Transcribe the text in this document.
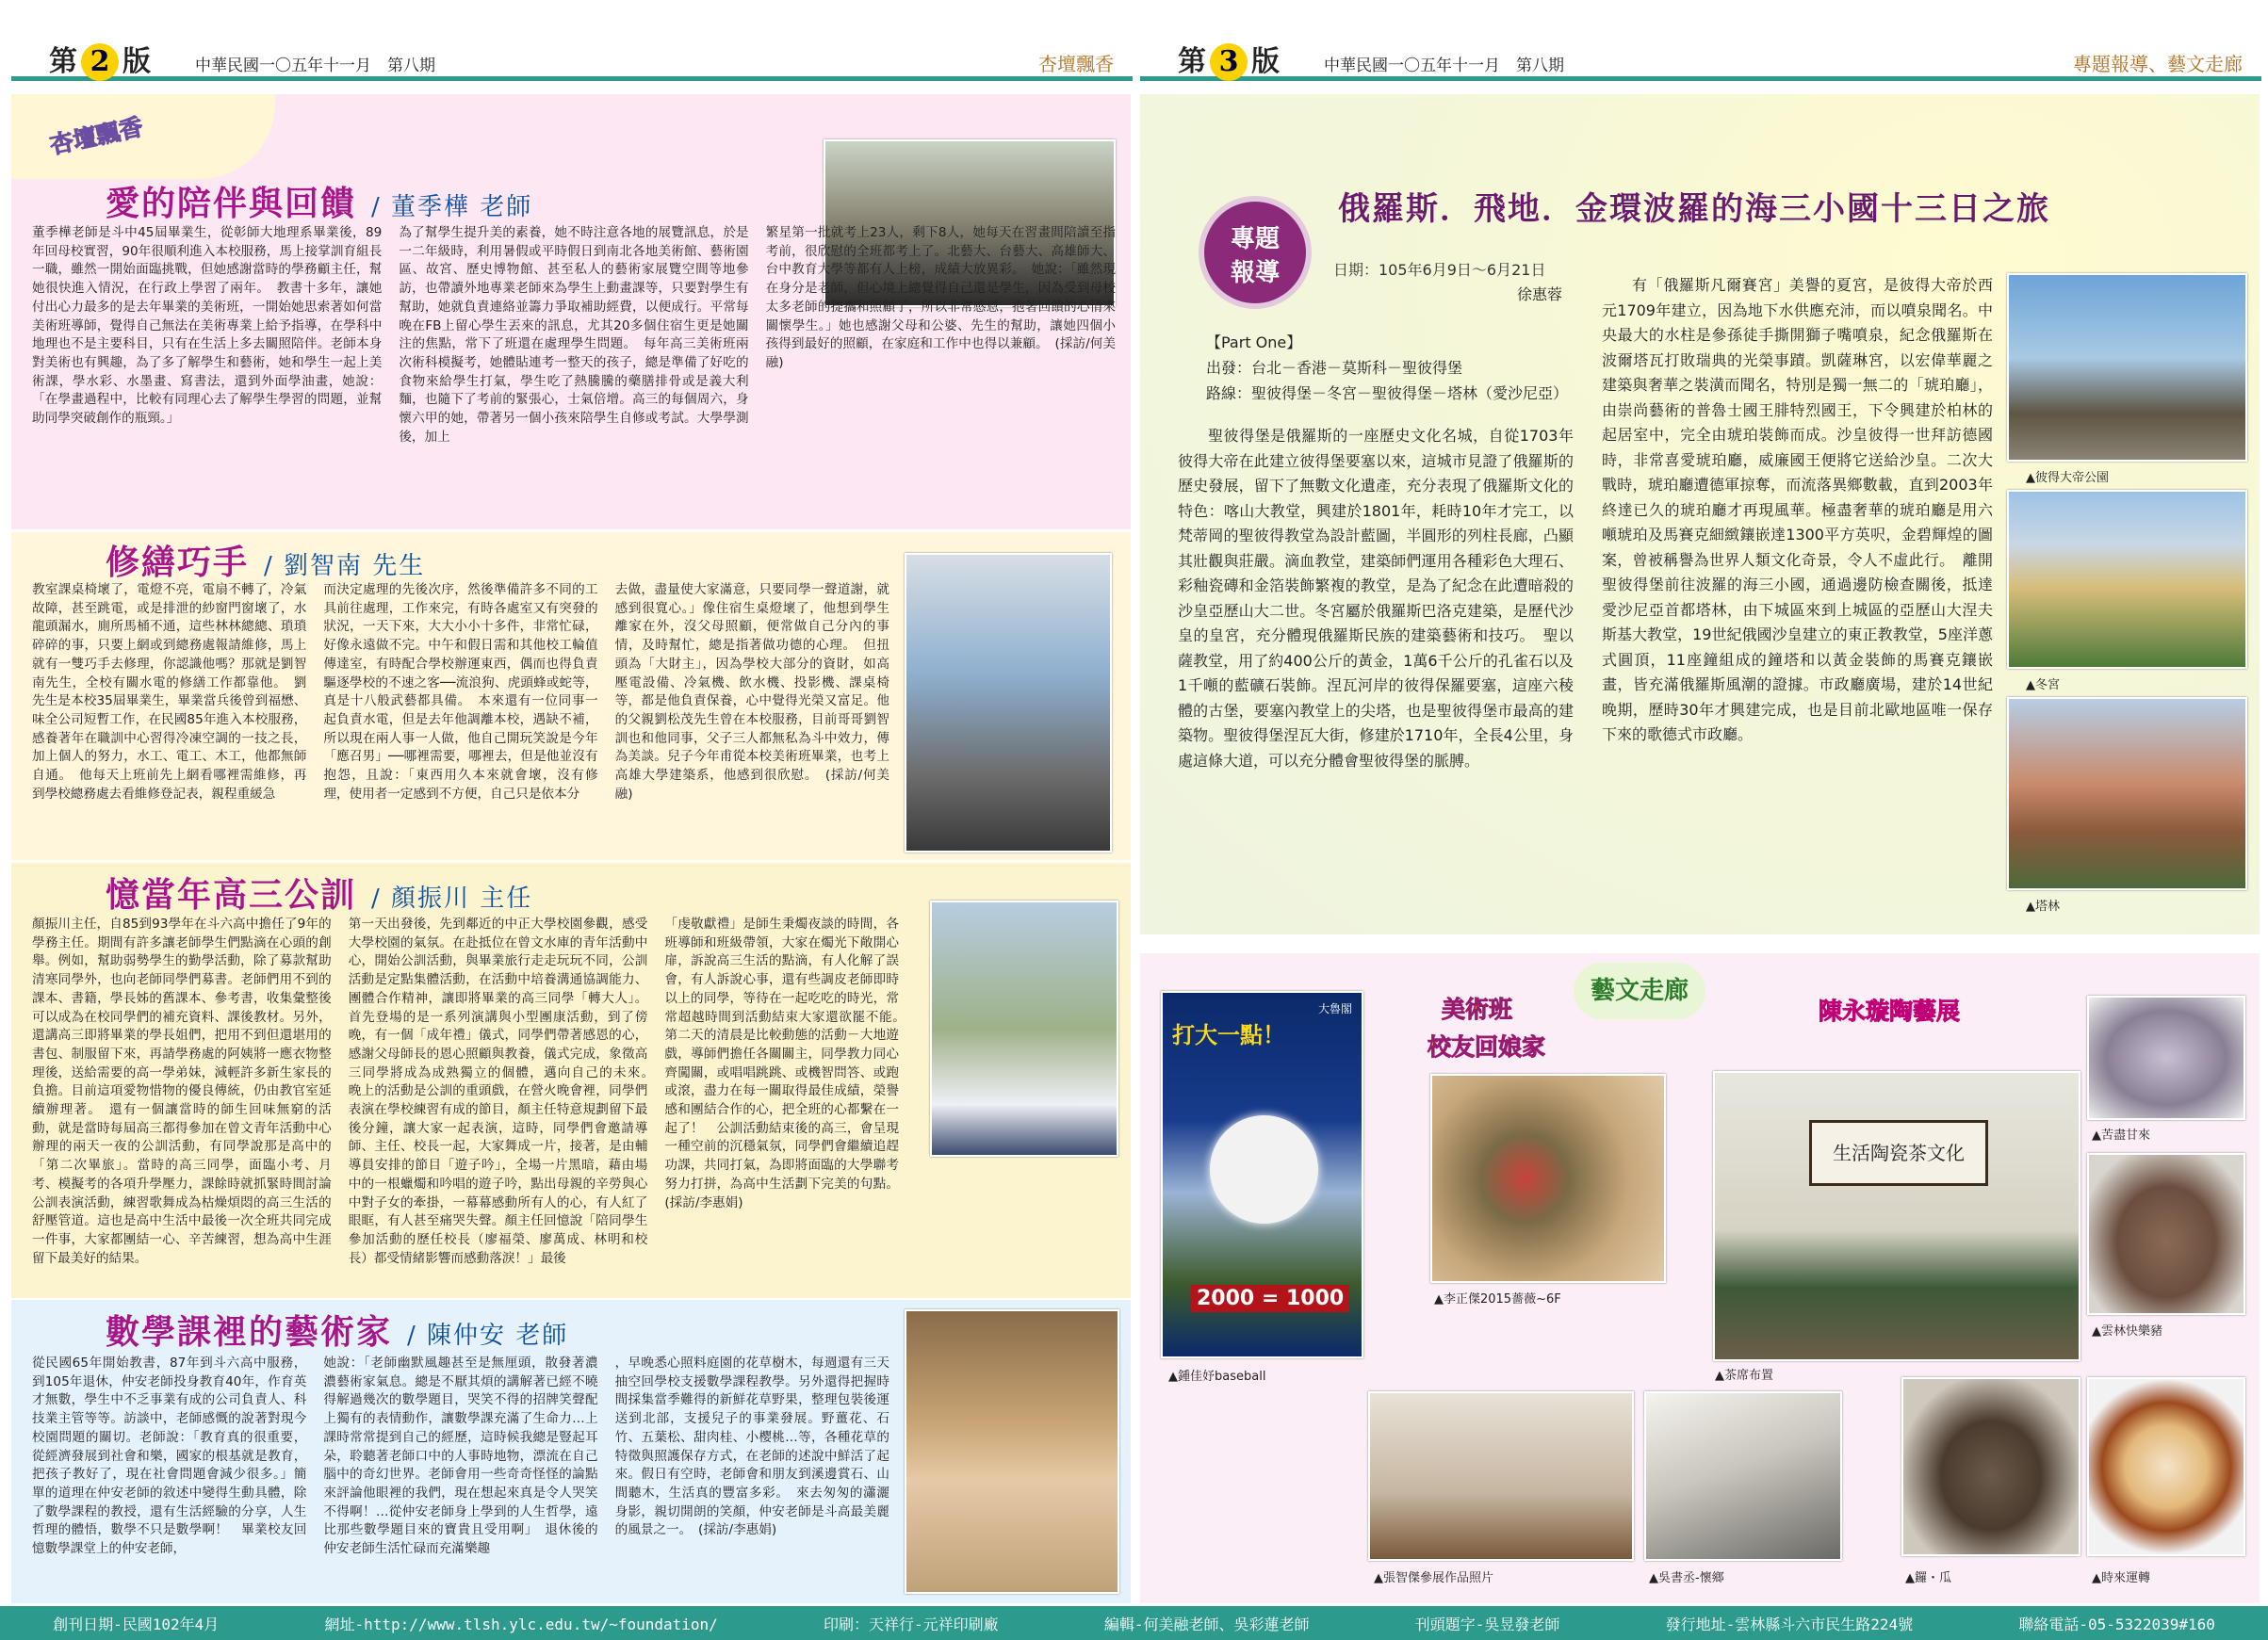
第 2 版	中華民國一〇五年十一月　第八期	杏壇飄香
杏壇飄香
愛的陪伴與回饋 / 董季樺 老師

董季樺老師是斗中45屆畢業生，從彰師大地理系畢業後，89年回母校實習，90年很順利進入本校服務，馬上接掌訓育組長一職，雖然一開始面臨挑戰，但她感謝當時的學務顧主任，幫她很快進入情況，在行政上學習了兩年。　教書十多年，讓她付出心力最多的是去年畢業的美術班，一開始她思索著如何當美術班導師，覺得自己無法在美術專業上給予指導，在學科中地理也不是主要科目，只有在生活上多去關照陪伴。老師本身對美術也有興趣，為了多了解學生和藝術，她和學生一起上美術課，學水彩、水墨畫、寫書法，還到外面學油畫，她說：「在學畫過程中，比較有同理心去了解學生學習的問題，並幫助同學突破創作的瓶頸。」

為了幫學生提升美的素養，她不時注意各地的展覽訊息，於是一二年級時，利用暑假或平時假日到南北各地美術館、藝術園區、故宮、歷史博物館、甚至私人的藝術家展覽空間等地參訪，也帶讀外地專業老師來為學生上動畫課等，只要對學生有幫助，她就負責連絡並籌力爭取補助經費，以便成行。平常每晚在FB上留心學生丟來的訊息，尤其20多個住宿生更是她關注的焦點，常下了班還在處理學生問題。　每年高三美術班兩次術科模擬考，她體貼連考一整天的孩子，總是準備了好吃的食物來給學生打氣，學生吃了熱騰騰的藥膳排骨或是義大利麵，也隨下了考前的緊張心，士氣倍增。高三的每個周六，身懷六甲的她，帶著另一個小孩來陪學生自修或考試。大學學測後，加上

繁星第一批就考上23人，剩下8人，她每天在習畫間陪讀至指考前，很欣慰的全班都考上了。北藝大、台藝大、高雄師大、台中教育大學等都有人上榜，成績大放異彩。　她說：「雖然現在身分是老師，但心境上總覺得自己還是學生，因為受到母校太多老師的提攜和照顧了，所以非常感恩，抱著回饋的心情來關懷學生。」她也感謝父母和公婆、先生的幫助，讓她四個小孩得到最好的照顧，在家庭和工作中也得以兼顧。　(採訪/何美融)

修繕巧手 / 劉智南 先生

教室課桌椅壞了，電燈不亮，電扇不轉了，冷氣故障，甚至跳電，或是排泄的紗窗門窗壞了，水龍頭漏水，廁所馬桶不通，這些林林總總、瑣瑣碎碎的事，只要上網或到總務處報請維修，馬上就有一雙巧手去修理，你認識他嗎？那就是劉智南先生，全校有關水電的修繕工作都靠他。　劉先生是本校35屆畢業生，畢業當兵後曾到福懋、味全公司短暫工作，在民國85年進入本校服務，感養著年在職訓中心習得冷凍空調的一技之長，加上個人的努力，水工、電工、木工，他都無師自通。　他每天上班前先上網看哪裡需維修，再到學校總務處去看維修登記表，親程重緩急

而決定處理的先後次序，然後準備許多不同的工具前往處理，工作來完，有時各處室又有突發的狀況，一天下來，大大小小十多件，非常忙碌，好像永遠做不完。中午和假日需和其他校工輪值傳達室，有時配合學校辦運東西，偶而也得負責驅逐學校的不速之客──流浪狗、虎頭蜂或蛇等，真是十八般武藝都具備。　本來還有一位同事一起負責水電，但是去年他調離本校，遇缺不補，所以現在兩人事一人做，他自己開玩笑說是今年「應召男」──哪裡需要，哪裡去，但是他並沒有抱怨，且說：「東西用久本來就會壞，沒有修理，使用者一定感到不方便，自己只是依本分

去做，盡量使大家滿意，只要同學一聲道謝，就感到很寬心。」像住宿生桌燈壞了，他想到學生離家在外，沒父母照顧，便常做自己分內的事情，及時幫忙，總是指著做功德的心理。　但扭頭為「大財主」，因為學校大部分的資財，如高壓電設備、冷氣機、飲水機、投影機、課桌椅等，都是他負責保養，心中覺得光榮又富足。他的父親劉松茂先生曾在本校服務，目前哥哥劉智訓也和他同事，父子三人都無私為斗中效力，傳為美談。兒子今年甫從本校美術班畢業，也考上高雄大學建築系，他感到很欣慰。　(採訪/何美融)

憶當年高三公訓 / 顏振川 主任

顏振川主任，自85到93學年在斗六高中擔任了9年的學務主任。期間有許多讓老師學生們點滴在心頭的創舉。例如，幫助弱勢學生的勤學活動，除了募款幫助清寒同學外，也向老師同學們募書。老師們用不到的課本、書籍，學長姊的舊課本、參考書，收集彙整後可以成為在校同學們的補充資料、課後教材。另外，還講高三即將畢業的學長姐們，把用不到但還堪用的書包、制服留下來，再請學務處的阿姨將一應衣物整理後，送給需要的高一學弟妹，減輕許多新生家長的負擔。目前這項愛物惜物的優良傳統，仍由教官室延續辦理著。　還有一個讓當時的師生回味無窮的活動，就是當時每屆高三都得參加在曾文青年活動中心辦理的兩天一夜的公訓活動，有同學說那是高中的「第二次畢旅」。當時的高三同學，面臨小考、月考、模擬考的各項升學壓力，課餘時就抓緊時間討論公訓表演活動，練習歌舞成為枯燥煩悶的高三生活的舒壓管道。這也是高中生活中最後一次全班共同完成一件事，大家都團結一心、辛苦練習，想為高中生涯留下最美好的結果。

第一天出發後，先到鄰近的中正大學校園參觀，感受大學校園的氣氛。在赴抵位在曾文水庫的青年活動中心，開始公訓活動，與畢業旅行走走玩玩不同，公訓活動是定點集體活動，在活動中培養溝通協調能力、團體合作精神，讓即將畢業的高三同學「轉大人」。首先登場的是一系列演講與小型團康活動，到了傍晚，有一個「成年禮」儀式，同學們帶著感恩的心，感謝父母師長的恩心照顧與教養，儀式完成，象徵高三同學將成為成熟獨立的個體，邁向自己的未來。　晚上的活動是公訓的重頭戲，在營火晚會裡，同學們表演在學校練習有成的節目，顏主任特意規劃留下最後分鐘，讓大家一起表演，這時，同學們會邀請導師、主任、校長一起，大家舞成一片，接著，是由輔導員安排的節目「遊子吟」，全場一片黑暗，藉由場中的一根蠟燭和吟唱的遊子吟，點出母親的辛勞與心中對子女的牽掛，一幕幕感動所有人的心，有人紅了眼眶，有人甚至痛哭失聲。顏主任回憶說「陪同學生參加活動的歷任校長（廖福榮、廖萬成、林明和校長）都受情緒影響而感動落淚！」最後

「虔敬獻禮」是師生秉燭夜談的時間，各班導師和班級帶領，大家在燭光下敞開心扉，訴說高三生活的點滴，有人化解了誤會，有人訴說心事，還有些調皮老師即時以上的同學，等待在一起吃吃的時光，常常超越時間到活動結束大家還欲罷不能。　第二天的清晨是比較動態的活動－大地遊戲，導師們擔任各關關主，同學教力同心齊闖關，或唱唱跳跳、或機智問答、或跑或滾，盡力在每一關取得最佳成績，榮譽感和團結合作的心，把全班的心都繫在一起了！　公訓活動結束後的高三，會呈現一種空前的沉穩氣氛，同學們會繼續追趕功課，共同打氣，為即將面臨的大學聯考努力打拼，為高中生活劃下完美的句點。(採訪/李惠娟)

數學課裡的藝術家 / 陳仲安 老師

從民國65年開始教書，87年到斗六高中服務，到105年退休，仲安老師投身教育40年，作育英才無數，學生中不乏事業有成的公司負責人、科技業主管等等。訪談中，老師感慨的說著對現今校園問題的關切。老師說：「教育真的很重要，從經濟發展到社會和樂，國家的根基就是教育，把孩子教好了，現在社會問題會減少很多。」簡單的道理在仲安老師的敘述中變得生動具體，除了數學課程的教授，還有生活經驗的分享，人生哲理的體悟，數學不只是數學啊！　畢業校友回憶數學課堂上的仲安老師，

她說：「老師幽默風趣甚至是無厘頭，散發著濃濃藝術家氣息。總是不厭其煩的講解著已經不曉得解過幾次的數學題目，哭笑不得的招牌笑聲配上獨有的表情動作，讓數學課充滿了生命力…上課時常常提到自己的經歷，這時候我總是豎起耳朵，聆聽著老師口中的人事時地物，漂流在自己腦中的奇幻世界。老師會用一些奇奇怪怪的論點來評論他眼裡的我們，現在想起來真是令人哭笑不得啊！…從仲安老師身上學到的人生哲學，遠比那些數學題目來的寶貴且受用啊」　退休後的仲安老師生活忙碌而充滿樂趣

，早晚悉心照料庭園的花草樹木，每週還有三天抽空回學校支援數學課程教學。另外還得把握時間採集當季難得的新鮮花草野果，整理包裝後運送到北部，支援兒子的事業發展。野薑花、石竹、五葉松、甜肉桂、小樱桃…等，各種花草的特徵與照護保存方式，在老師的述說中鮮活了起來。假日有空時，老師會和朋友到溪邊賞石、山間聽木，生活真的豐富多彩。　來去匆匆的瀟灑身影，親切開朗的笑顏，仲安老師是斗高最美麗的風景之一。　(採訪/李惠娟)

第 3 版	中華民國一〇五年十一月　第八期	專題報導、藝文走廊
專題報導
俄羅斯．飛地．金環波羅的海三小國十三日之旅
日期：105年6月9日～6月21日
徐惠蓉
【Part One】
出發：台北－香港－莫斯科－聖彼得堡
路線：聖彼得堡－冬宮－聖彼得堡－塔林（愛沙尼亞）

聖彼得堡是俄羅斯的一座歷史文化名城，自從1703年彼得大帝在此建立彼得堡要塞以來，這城市見證了俄羅斯的歷史發展，留下了無數文化遺產，充分表現了俄羅斯文化的特色：喀山大教堂，興建於1801年，耗時10年才完工，以梵蒂岡的聖彼得教堂為設計藍圖，半圓形的列柱長廊，凸顯其壯觀與莊嚴。滴血教堂，建築師們運用各種彩色大理石、彩釉瓷磚和金箔裝飾繁複的教堂，是為了紀念在此遭暗殺的沙皇亞歷山大二世。冬宮屬於俄羅斯巴洛克建築，是歷代沙皇的皇宮，充分體現俄羅斯民族的建築藝術和技巧。　聖以薩教堂，用了約400公斤的黃金，1萬6千公斤的孔雀石以及1千噸的藍礦石裝飾。涅瓦河岸的彼得保羅要塞，這座六稜體的古堡，要塞內教堂上的尖塔，也是聖彼得堡市最高的建築物。聖彼得堡涅瓦大街，修建於1710年，全長4公里，身處這條大道，可以充分體會聖彼得堡的脈膊。

有「俄羅斯凡爾賽宮」美譽的夏宮，是彼得大帝於西元1709年建立，因為地下水供應充沛，而以噴泉聞名。中央最大的水柱是參孫徒手撕開獅子嘴噴泉，紀念俄羅斯在波爾塔瓦打敗瑞典的光榮事蹟。凱薩琳宮，以宏偉華麗之建築與奢華之裝潢而聞名，特別是獨一無二的「琥珀廳」，由崇尚藝術的普魯士國王腓特烈國王，下令興建於柏林的起居室中，完全由琥珀裝飾而成。沙皇彼得一世拜訪德國時，非常喜愛琥珀廳，威廉國王便將它送給沙皇。二次大戰時，琥珀廳遭德軍掠奪，而流落異鄉數載，直到2003年終達已久的琥珀廳才再現風華。極盡奢華的琥珀廳是用六噸琥珀及馬賽克細緻鑲嵌達1300平方英呎，金碧輝煌的圖案，曾被稱譽為世界人類文化奇景，令人不虛此行。　離開聖彼得堡前往波羅的海三小國，通過邊防檢查關後，抵達愛沙尼亞首都塔林，由下城區來到上城區的亞歷山大涅夫斯基大教堂，19世紀俄國沙皇建立的東正教教堂，5座洋蔥式圓頂，11座鐘組成的鐘塔和以黃金裝飾的馬賽克鑲嵌畫，皆充滿俄羅斯風潮的證據。市政廳廣場，建於14世紀晚期，歷時30年才興建完成，也是目前北歐地區唯一保存下來的歌德式市政廳。

▲彼得大帝公園
▲冬宮
▲塔林
藝文走廊
美術班
校友回娘家
陳永璇陶藝展
打大一點！
大魯閣
2000 = 1000
▲鍾佳妤baseball
▲李正傑2015薔薇~6F
▲張智傑參展作品照片	▲吳書丞-懷鄉
生活陶瓷茶文化
▲茶席布置
▲苦盡甘來
▲雲林快樂豬
▲鑼・瓜	▲時來運轉
創刊日期-民國102年4月	網址-http://www.tlsh.ylc.edu.tw/~foundation/	印刷：天祥行-元祥印刷廠	編輯-何美融老師、吳彩蓮老師	刊頭題字-吳昱發老師	發行地址-雲林縣斗六市民生路224號	聯絡電話-05-5322039#160
